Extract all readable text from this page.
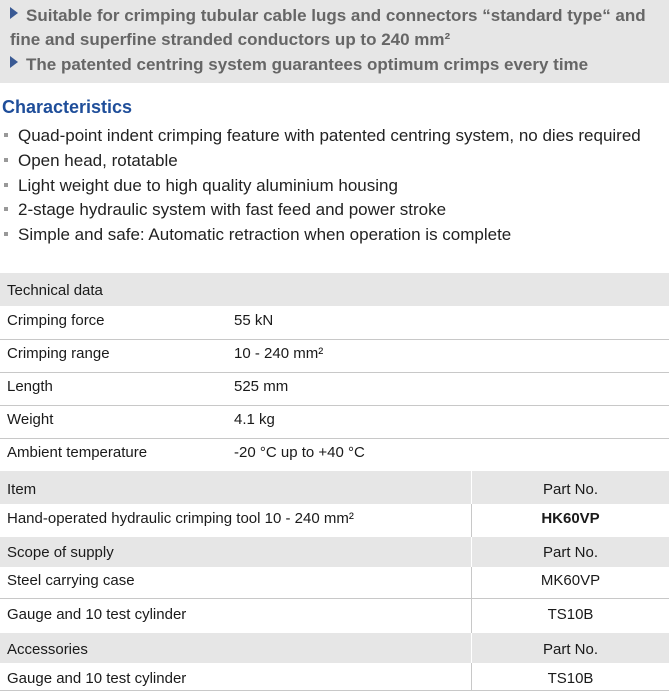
Suitable for crimping tubular cable lugs and connectors “standard type“ and
fine and superfine stranded conductors up to 240 mm²
The patented centring system guarantees optimum crimps every time
Characteristics
Quad-point indent crimping feature with patented centring system, no dies required
Open head, rotatable
Light weight due to high quality aluminium housing
2-stage hydraulic system with fast feed and power stroke
Simple and safe: Automatic retraction when operation is complete
Technical data
Crimping force	55 kN
Crimping range	10 - 240 mm²
Length	525 mm
Weight	4.1 kg
Ambient temperature	-20 °C up to +40 °C
Item	Part No.
Hand-operated hydraulic crimping tool 10 - 240 mm²	HK60VP
Scope of supply	Part No.
Steel carrying case	MK60VP
Gauge and 10 test cylinder	TS10B
Accessories	Part No.
Gauge and 10 test cylinder	TS10B
